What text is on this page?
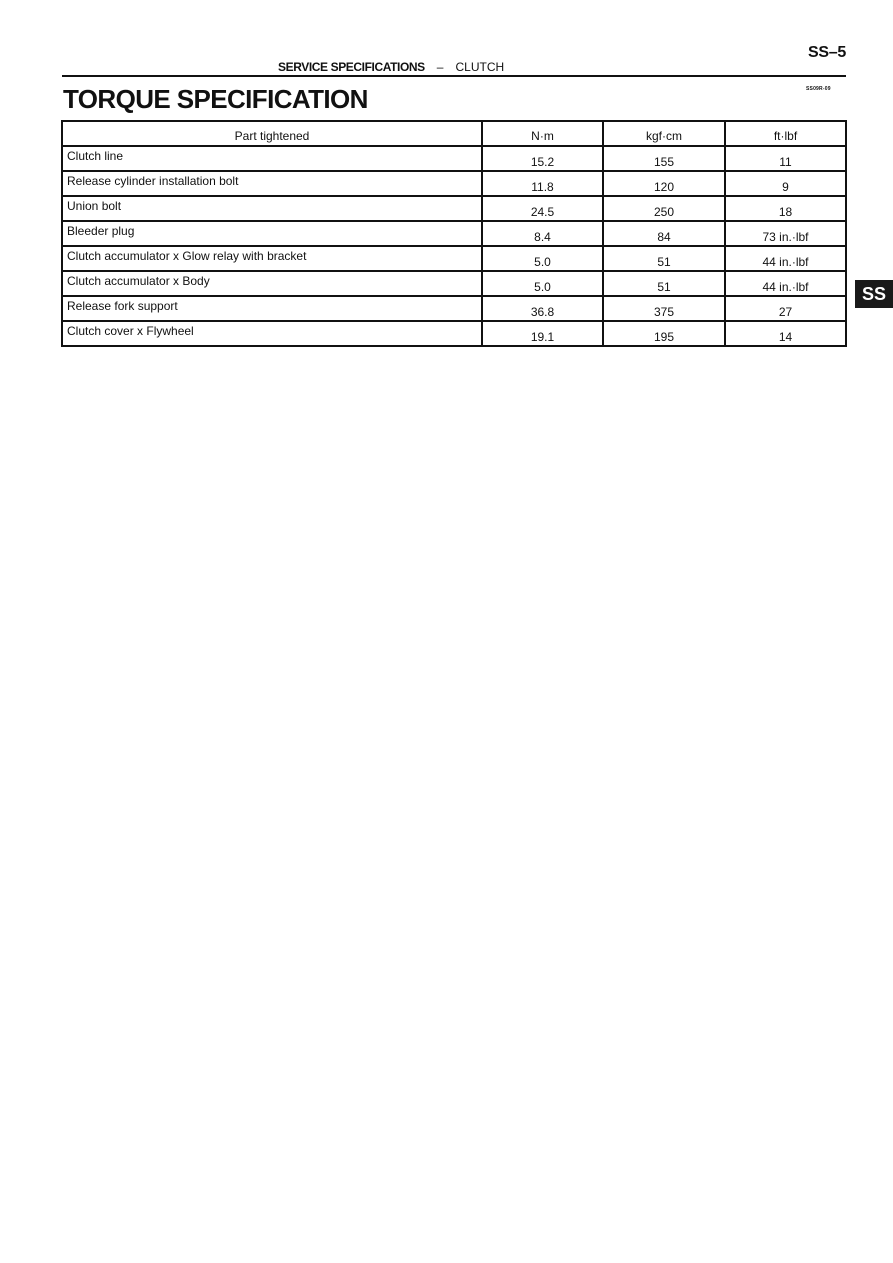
SS–5
SERVICE SPECIFICATIONS – CLUTCH
TORQUE SPECIFICATION	SS09R-09
Part tightened	N·m	kgf·cm	ft·lbf
Clutch line	15.2	155	11
Release cylinder installation bolt	11.8	120	9
Union bolt	24.5	250	18
Bleeder plug	8.4	84	73 in.·lbf
Clutch accumulator x Glow relay with bracket	5.0	51	44 in.·lbf
Clutch accumulator x Body	5.0	51	44 in.·lbf
Release fork support	36.8	375	27
Clutch cover x Flywheel	19.1	195	14
SS
